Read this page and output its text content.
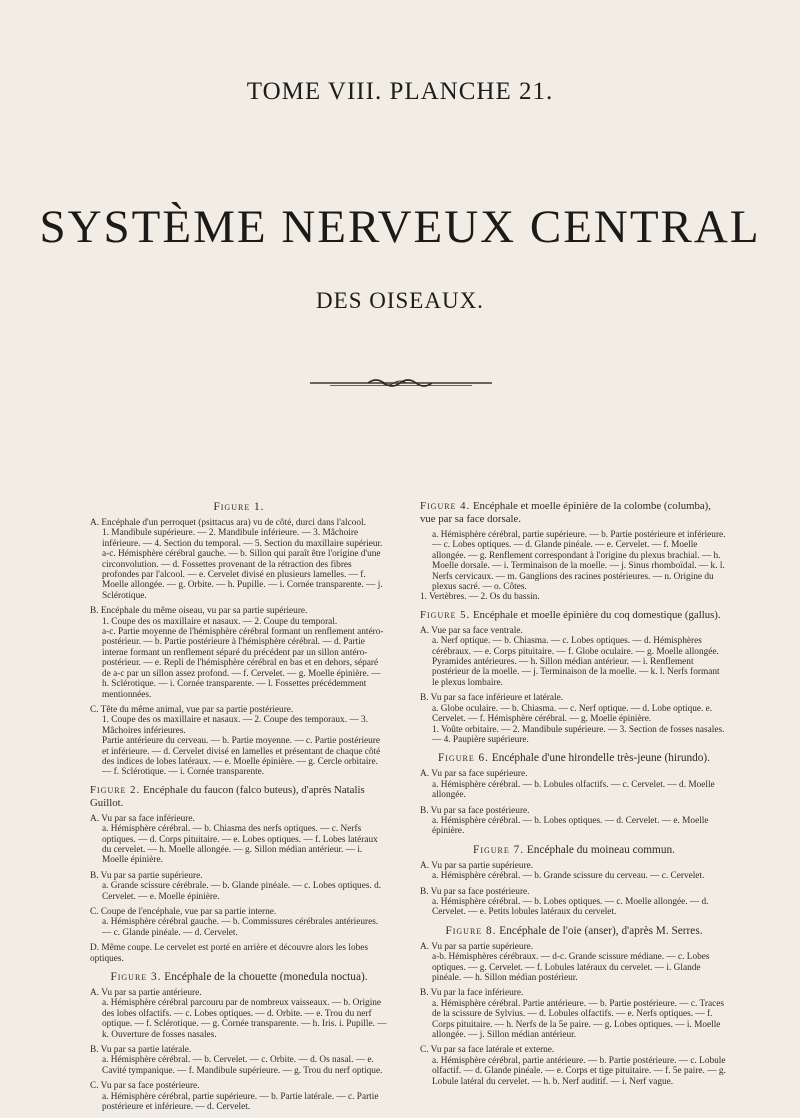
TOME VIII. PLANCHE 21.
SYSTÈME NERVEUX CENTRAL
DES OISEAUX.
Figure 1.
A. Encéphale d'un perroquet (psittacus ara) vu de côté, durci dans l'alcool.
1. Mandibule supérieure. — 2. Mandibule inférieure. — 3. Mâchoire inférieure. — 4. Section du temporal. — 5. Section du maxillaire supérieur.
a-c. Hémisphère cérébral gauche. — b. Sillon qui paraît être l'origine d'une circonvolution. — d. Fossettes provenant de la rétraction des fibres profondes par l'alcool. — e. Cervelet divisé en plusieurs lamelles. — f. Moelle allongée. — g. Orbite. — h. Pupille. — i. Cornée transparente. — j. Sclérotique.
B. Encéphale du même oiseau, vu par sa partie supérieure.
1. Coupe des os maxillaire et nasaux. — 2. Coupe du temporal.
a-c. Partie moyenne de l'hémisphère cérébral formant un renflement antéro-postérieur. — b. Partie postérieure à l'hémisphère cérébral. — d. Partie interne formant un renflement séparé du précédent par un sillon antéro-postérieur. — e. Repli de l'hémisphère cérébral en bas et en dehors, séparé de a-c par un sillon assez profond. — f. Cervelet. — g. Moelle épinière. — h. Sclérotique. — i. Cornée transparente. — l. Fossettes précédemment mentionnées.
C. Tête du même animal, vue par sa partie postérieure.
1. Coupe des os maxillaire et nasaux. — 2. Coupe des temporaux. — 3. Mâchoires inférieures.
Partie antérieure du cerveau. — b. Partie moyenne. — c. Partie postérieure et inférieure. — d. Cervelet divisé en lamelles et présentant de chaque côté des indices de lobes latéraux. — e. Moelle épinière. — g. Cercle orbitaire. — f. Sclérotique. — i. Cornée transparente.
Figure 2. Encéphale du faucon (falco buteus), d'après Natalis Guillot.
A. Vu par sa face inférieure.
a. Hémisphère cérébral. — b. Chiasma des nerfs optiques. — c. Nerfs optiques. — d. Corps pituitaire. — e. Lobes optiques. — f. Lobes latéraux du cervelet. — h. Moelle allongée. — g. Sillon médian antérieur. — i. Moelle épinière.
B. Vu par sa partie supérieure.
a. Grande scissure cérébrale. — b. Glande pinéale. — c. Lobes optiques. d. Cervelet. — e. Moelle épinière.
C. Coupe de l'encéphale, vue par sa partie interne.
a. Hémisphère cérébral gauche. — b. Commissures cérébrales antérieures. — c. Glande pinéale. — d. Cervelet.
D. Même coupe. Le cervelet est porté en arrière et découvre alors les lobes optiques.
Figure 3. Encéphale de la chouette (monedula noctua).
A. Vu par sa partie antérieure.
a. Hémisphère cérébral parcouru par de nombreux vaisseaux. — b. Origine des lobes olfactifs. — c. Lobes optiques. — d. Orbite. — e. Trou du nerf optique. — f. Sclérotique. — g. Cornée transparente. — h. Iris. i. Pupille. — k. Ouverture de fosses nasales.
B. Vu par sa partie latérale.
a. Hémisphère cérébral. — b. Cervelet. — c. Orbite. — d. Os nasal. — e. Cavité tympanique. — f. Mandibule supérieure. — g. Trou du nerf optique.
C. Vu par sa face postérieure.
a. Hémisphère cérébral, partie supérieure. — b. Partie latérale. — c. Partie postérieure et inférieure. — d. Cervelet.
Figure 4. Encéphale et moelle épinière de la colombe (columba), vue par sa face dorsale.
a. Hémisphère cérébral, partie supérieure. — b. Partie postérieure et inférieure. — c. Lobes optiques. — d. Glande pinéale. — e. Cervelet. — f. Moelle allongée. — g. Renflement correspondant à l'origine du plexus brachial. — h. Moelle dorsale. — i. Terminaison de la moelle. — j. Sinus rhomboïdal. — k. l. Nerfs cervicaux. — m. Ganglions des racines postérieures. — n. Origine du plexus sacré. — o. Côtes.
1. Vertèbres. — 2. Os du bassin.
Figure 5. Encéphale et moelle épinière du coq domestique (gallus).
A. Vue par sa face ventrale.
a. Nerf optique. — b. Chiasma. — c. Lobes optiques. — d. Hémisphères cérébraux. — e. Corps pituitaire. — f. Globe oculaire. — g. Moelle allongée. Pyramides antérieures. — h. Sillon médian antérieur. — i. Renflement postérieur de la moelle. — j. Terminaison de la moelle. — k. l. Nerfs formant le plexus lombaire.
B. Vu par sa face inférieure et latérale.
a. Globe oculaire. — b. Chiasma. — c. Nerf optique. — d. Lobe optique. e. Cervelet. — f. Hémisphère cérébral. — g. Moelle épinière.
1. Voûte orbitaire. — 2. Mandibule supérieure. — 3. Section de fosses nasales. — 4. Paupière supérieure.
Figure 6. Encéphale d'une hirondelle très-jeune (hirundo).
A. Vu par sa face supérieure.
a. Hémisphère cérébral. — b. Lobules olfactifs. — c. Cervelet. — d. Moelle allongée.
B. Vu par sa face postérieure.
a. Hémisphère cérébral. — b. Lobes optiques. — d. Cervelet. — e. Moelle épinière.
Figure 7. Encéphale du moineau commun.
A. Vu par sa partie supérieure.
a. Hémisphère cérébral. — b. Grande scissure du cerveau. — c. Cervelet.
B. Vu par sa face postérieure.
a. Hémisphère cérébral. — b. Lobes optiques. — c. Moelle allongée. — d. Cervelet. — e. Petits lobules latéraux du cervelet.
Figure 8. Encéphale de l'oie (anser), d'après M. Serres.
A. Vu par sa partie supérieure.
a-b. Hémisphères cérébraux. — d-c. Grande scissure médiane. — c. Lobes optiques. — g. Cervelet. — f. Lobules latéraux du cervelet. — i. Glande pinéale. — h. Sillon médian postérieur.
B. Vu par la face inférieure.
a. Hémisphère cérébral. Partie antérieure. — b. Partie postérieure. — c. Traces de la scissure de Sylvius. — d. Lobules olfactifs. — e. Nerfs optiques. — f. Corps pituitaire. — h. Nerfs de la 5e paire. — g. Lobes optiques. — i. Moelle allongée. — j. Sillon médian antérieur.
C. Vu par sa face latérale et externe.
a. Hémisphère cérébral, partie antérieure. — b. Partie postérieure. — c. Lobule olfactif. — d. Glande pinéale. — e. Corps et tige pituitaire. — f. 5e paire. — g. Lobule latéral du cervelet. — h. b. Nerf auditif. — i. Nerf vague.
